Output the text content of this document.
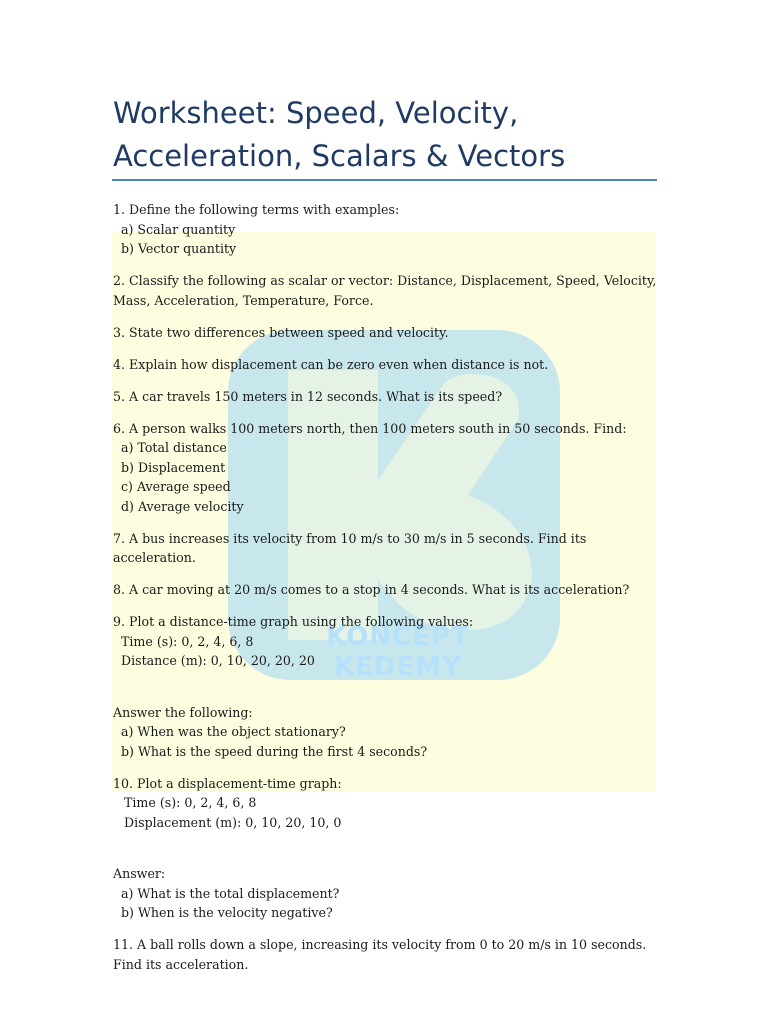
KONCEPT KEDEMY
Worksheet: Speed, Velocity, Acceleration, Scalars & Vectors
1. Define the following terms with examples:
a) Scalar quantity
b) Vector quantity
2. Classify the following as scalar or vector: Distance, Displacement, Speed, Velocity, Mass, Acceleration, Temperature, Force.
3. State two differences between speed and velocity.
4. Explain how displacement can be zero even when distance is not.
5. A car travels 150 meters in 12 seconds. What is its speed?
6. A person walks 100 meters north, then 100 meters south in 50 seconds. Find:
a) Total distance
b) Displacement
c) Average speed
d) Average velocity
7. A bus increases its velocity from 10 m/s to 30 m/s in 5 seconds. Find its acceleration.
8. A car moving at 20 m/s comes to a stop in 4 seconds. What is its acceleration?
9. Plot a distance-time graph using the following values:
Time (s): 0, 2, 4, 6, 8
Distance (m): 0, 10, 20, 20, 20

Answer the following:
a) When was the object stationary?
b) What is the speed during the first 4 seconds?
10. Plot a displacement-time graph:
Time (s): 0, 2, 4, 6, 8
Displacement (m): 0, 10, 20, 10, 0

Answer:
a) What is the total displacement?
b) When is the velocity negative?
11. A ball rolls down a slope, increasing its velocity from 0 to 20 m/s in 10 seconds. Find its acceleration.
